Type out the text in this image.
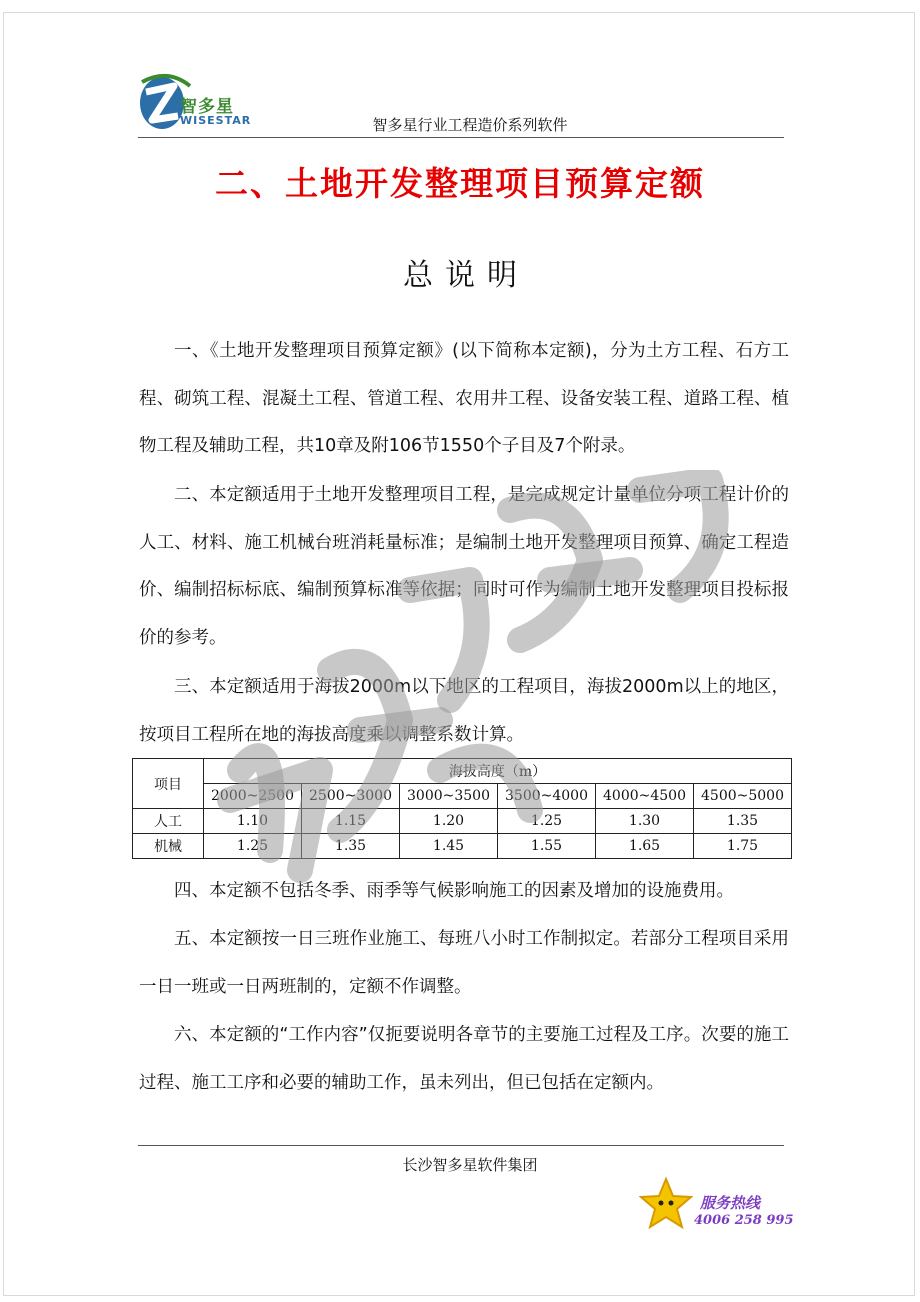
智多星
WISESTAR	智多星行业工程造价系列软件
二、土地开发整理项目预算定额
总说明

一、《土地开发整理项目预算定额》(以下简称本定额)，分为土方工程、石方工程、砌筑工程、混凝土工程、管道工程、农用井工程、设备安装工程、道路工程、植物工程及辅助工程，共10章及附106节1550个子目及7个附录。

二、本定额适用于土地开发整理项目工程，是完成规定计量单位分项工程计价的人工、材料、施工机械台班消耗量标准；是编制土地开发整理项目预算、确定工程造价、编制招标标底、编制预算标准等依据；同时可作为编制土地开发整理项目投标报价的参考。

三、本定额适用于海拔2000m以下地区的工程项目，海拔2000m以上的地区，按项目工程所在地的海拔高度乘以调整系数计算。

项目	海拔高度（m）					
	2000~2500	2500~3000	3000~3500	3500~4000	4000~4500	4500~5000
人工	1.10	1.15	1.20	1.25	1.30	1.35
机械	1.25	1.35	1.45	1.55	1.65	1.75

四、本定额不包括冬季、雨季等气候影响施工的因素及增加的设施费用。

五、本定额按一日三班作业施工、每班八小时工作制拟定。若部分工程项目采用一日一班或一日两班制的，定额不作调整。

六、本定额的“工作内容”仅扼要说明各章节的主要施工过程及工序。次要的施工过程、施工工序和必要的辅助工作，虽未列出，但已包括在定额内。

长沙智多星软件集团
服务热线
4006 258 995
